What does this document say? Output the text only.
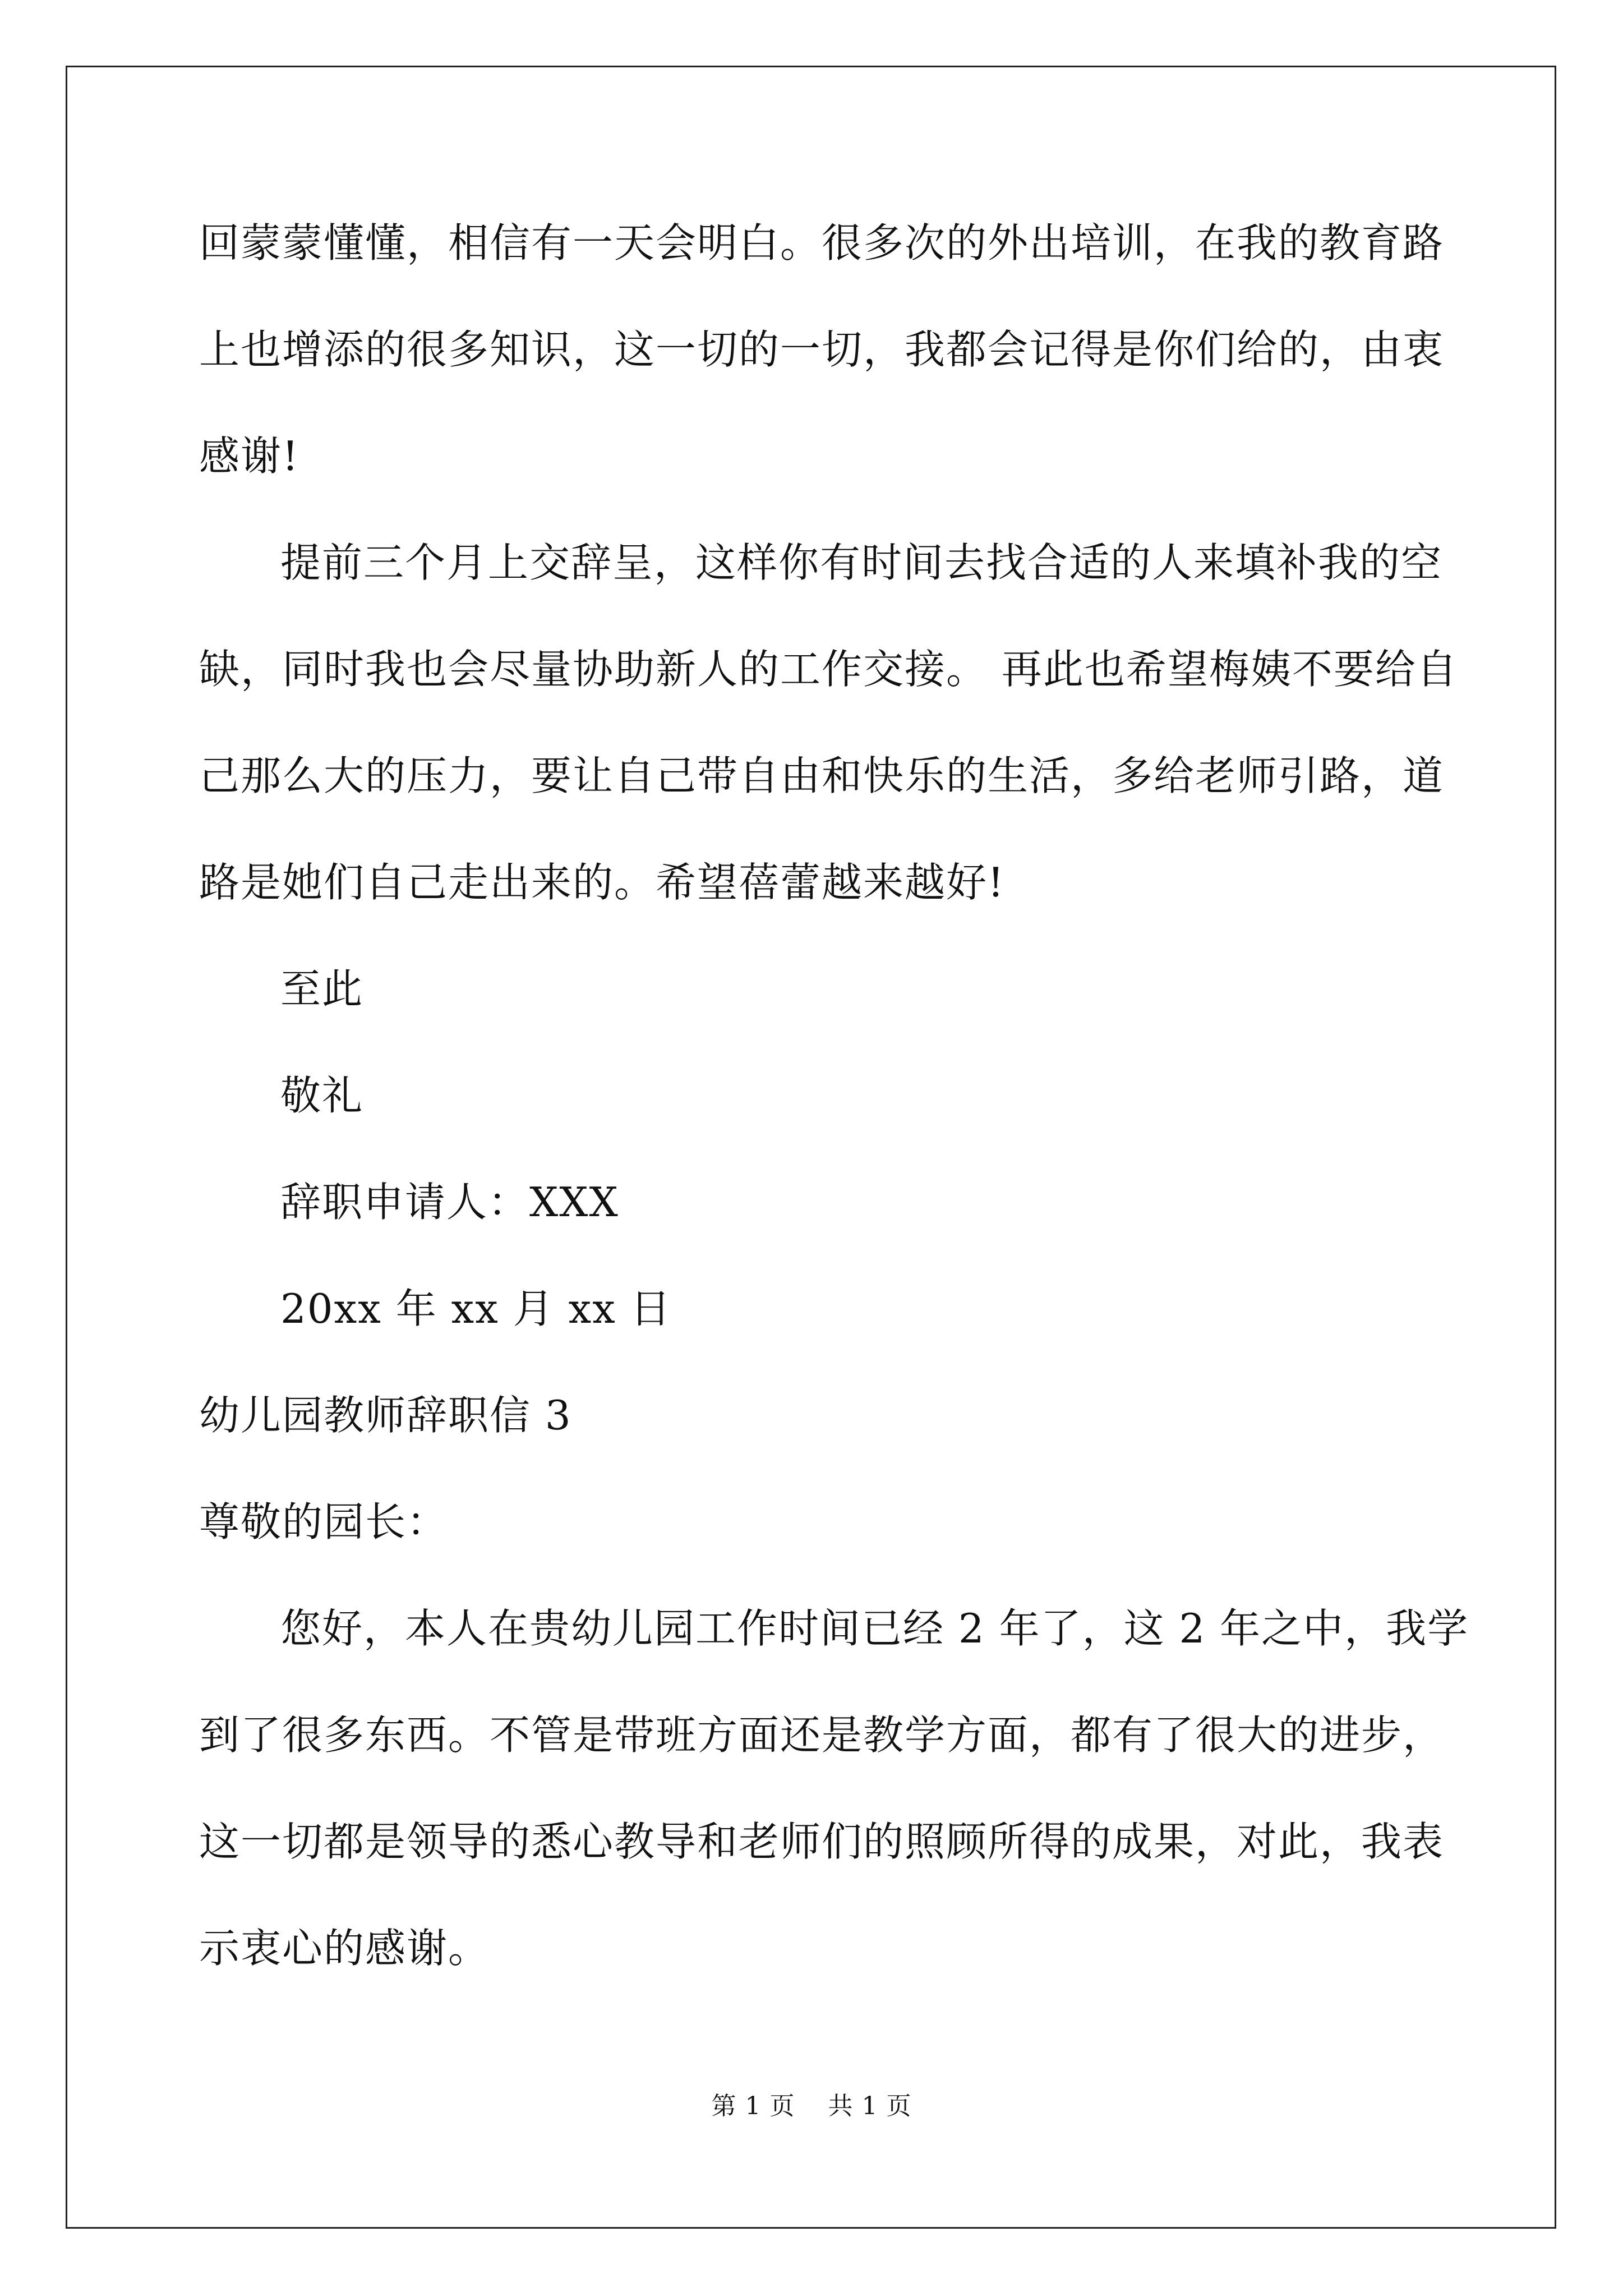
回蒙蒙懂懂，相信有一天会明白。很多次的外出培训，在我的教育路
上也增添的很多知识，这一切的一切，我都会记得是你们给的，由衷
感谢!
提前三个月上交辞呈，这样你有时间去找合适的人来填补我的空
缺，同时我也会尽量协助新人的工作交接。 再此也希望梅姨不要给自
己那么大的压力，要让自己带自由和快乐的生活，多给老师引路，道
路是她们自己走出来的。希望蓓蕾越来越好!
至此
敬礼
辞职申请人：XXX
20xx 年 xx 月 xx 日
幼儿园教师辞职信 3
尊敬的园长：
您好，本人在贵幼儿园工作时间已经 2 年了，这 2 年之中，我学
到了很多东西。不管是带班方面还是教学方面，都有了很大的进步，
这一切都是领导的悉心教导和老师们的照顾所得的成果，对此，我表
示衷心的感谢。
第 1 页 共 1 页
